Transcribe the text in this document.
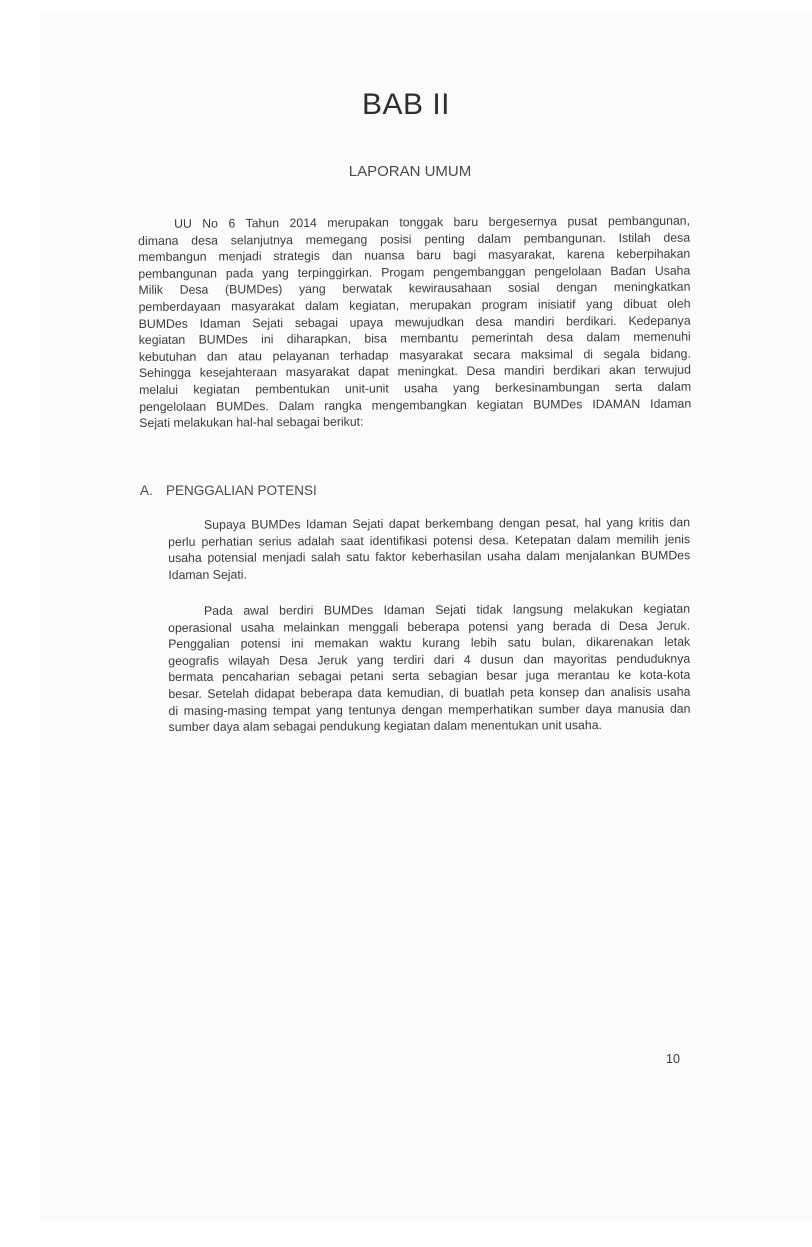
BAB II
LAPORAN UMUM
UU No 6 Tahun 2014 merupakan tonggak baru bergesernya pusat pembangunan,
dimana desa selanjutnya memegang posisi penting dalam pembangunan. Istilah desa
membangun menjadi strategis dan nuansa baru bagi masyarakat, karena keberpihakan
pembangunan pada yang terpinggirkan. Progam pengembanggan pengelolaan Badan Usaha
Milik Desa (BUMDes) yang berwatak kewirausahaan sosial dengan meningkatkan
pemberdayaan masyarakat dalam kegiatan, merupakan program inisiatif yang dibuat oleh
BUMDes Idaman Sejati sebagai upaya mewujudkan desa mandiri berdikari. Kedepanya
kegiatan BUMDes ini diharapkan, bisa membantu pemerintah desa dalam memenuhi
kebutuhan dan atau pelayanan terhadap masyarakat secara maksimal di segala bidang.
Sehingga kesejahteraan masyarakat dapat meningkat. Desa mandiri berdikari akan terwujud
melalui kegiatan pembentukan unit-unit usaha yang berkesinambungan serta dalam
pengelolaan BUMDes. Dalam rangka mengembangkan kegiatan BUMDes IDAMAN Idaman
Sejati melakukan hal-hal sebagai berikut:
A. PENGGALIAN POTENSI
Supaya BUMDes Idaman Sejati dapat berkembang dengan pesat, hal yang kritis dan
perlu perhatian serius adalah saat identifikasi potensi desa. Ketepatan dalam memilih jenis
usaha potensial menjadi salah satu faktor keberhasilan usaha dalam menjalankan BUMDes
Idaman Sejati.
Pada awal berdiri BUMDes Idaman Sejati tidak langsung melakukan kegiatan
operasional usaha melainkan menggali beberapa potensi yang berada di Desa Jeruk.
Penggalian potensi ini memakan waktu kurang lebih satu bulan, dikarenakan letak
geografis wilayah Desa Jeruk yang terdiri dari 4 dusun dan mayoritas penduduknya
bermata pencaharian sebagai petani serta sebagian besar juga merantau ke kota-kota
besar. Setelah didapat beberapa data kemudian, di buatlah peta konsep dan analisis usaha
di masing-masing tempat yang tentunya dengan memperhatikan sumber daya manusia dan
sumber daya alam sebagai pendukung kegiatan dalam menentukan unit usaha.
10
